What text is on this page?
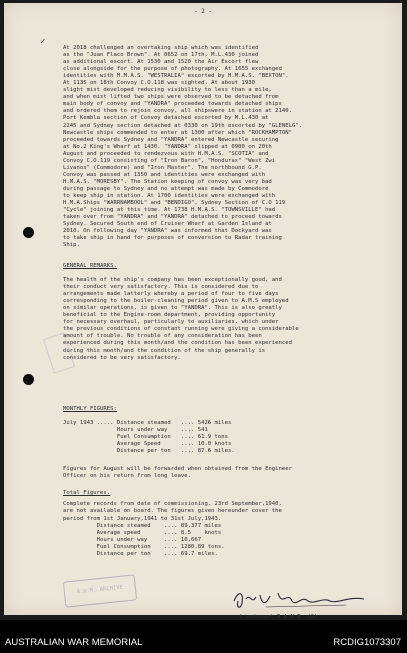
- 2 -
✓

At 2018 challenged an overtaking ship which was identified

as the "Juan Flaco Brown". At 0652 on 17th, M.L.430 joined

as additional escort. At 1530 and 1520 the Air Escort flew

close alongside for the purpose of photography. At 1655 exchanged

identities with H.M.A.S. "WESTRALIA" escorted by H.M.A.S. "BEXTON".

At 1135 on 18th Convoy C.O.118 was sighted. At about 1930

slight mist developed reducing visibility to less than a mile,

and when mist lifted two ships were observed to be detached from

main body of convoy and "YANDRA" proceeded towards detached ships

and ordered them to rejoin convoy, all shipswere in station at 2140.

Port Kembla section of Convoy detached escorted by M.L.430 at

2245 and Sydney section detached at 0330 on 19th escorted by "GLENELG".

Newcastle ships commended to enter at 1300 after which "ROCKHAMPTON"

proceeded towards Sydney and "YANDRA" entered Newcastle securing

at No.2 King's Wharf at 1430. "YANDRA" slipped at 0900 on 20th

August and proceeded to rendezvous with H.M.A.S. "SCOTIA" and

Convoy C.O.119 consisting of "Iron Baron", "Honduras" "West Zwi

Livanos" (Commodore) and "Iron Master". The northbound G.P.

Convoy was passed at 1350 and identities were exchanged with

H.M.A.S. "MORESBY". The Station keeping of convoy was very bad

during passage to Sydney and no attempt was made by Commodore

to keep ship in station. At 1700 identities were exchanged with

H.M.A.Ships "WARRNAMBOOL" and "BENDIGO", Sydney Section of C.O 119

"Cycle" joining at this time. At 1738 H.M.A.S. "TOWNSVILLE" had

taken over from "YANDRA" and "YANDRA" detached to proceed towards

Sydney. Secured South end of Cruiser Wharf at Garden Island at

2010. On following day "YANDRA" was informed that Dockyard was

to take ship in hand for purposes of conversion to Radar training

Ship.

GENERAL REMARKS.

The health of the ship's company has been exceptionally good, and

their conduct very satisfactory. This is considered due to

arrangements made latterly whereby a period of four to five days

corresponding to the boiler-cleaning period given to A.M.S employed

on similar operations, is given to "YANDRA". This is also greatly

beneficial to the Engine-room department, providing opportunity

for necessary overhaul, particularly to auxiliaries, which under

the previous conditions of constant running were giving a considerable

amount of trouble. No trouble of any consideration has been

experienced during this month/and the condition has been experienced

during this month/and the condition of the ship generally is

considered to be very satisfactory.

MONTHLY FIGURES:

July 1943 ..... Distance steamed   .... 5426 miles

Hours under way    .... 541

Fuel Consumption   .... 61.9 tons

Average Speed      .... 10.0 knots

Distance per ton   .... 87.6 miles.

Figures for August will be forwarded when obtained from the Engineer

Officer on his return from long leave.

Total Figures.

Complete records from date of commissioning, 23rd September,1940,

are not available on board. The figures given hereunder cover the

period from 1st January,1941 to 31st July,1943.

Distance steamed    .... 89,377 miles

Average speed       .... 8.5    knots

Hours under way     .... 10,667

Fuel Consumption    .... 1280.89 tons.

Distance per ton    .... 69.7 miles.

Lieutenant R.A.N.R. (S)

A.W.M. ARCHIVE
AUSTRALIAN WAR MEMORIAL	RCDIG1073307
